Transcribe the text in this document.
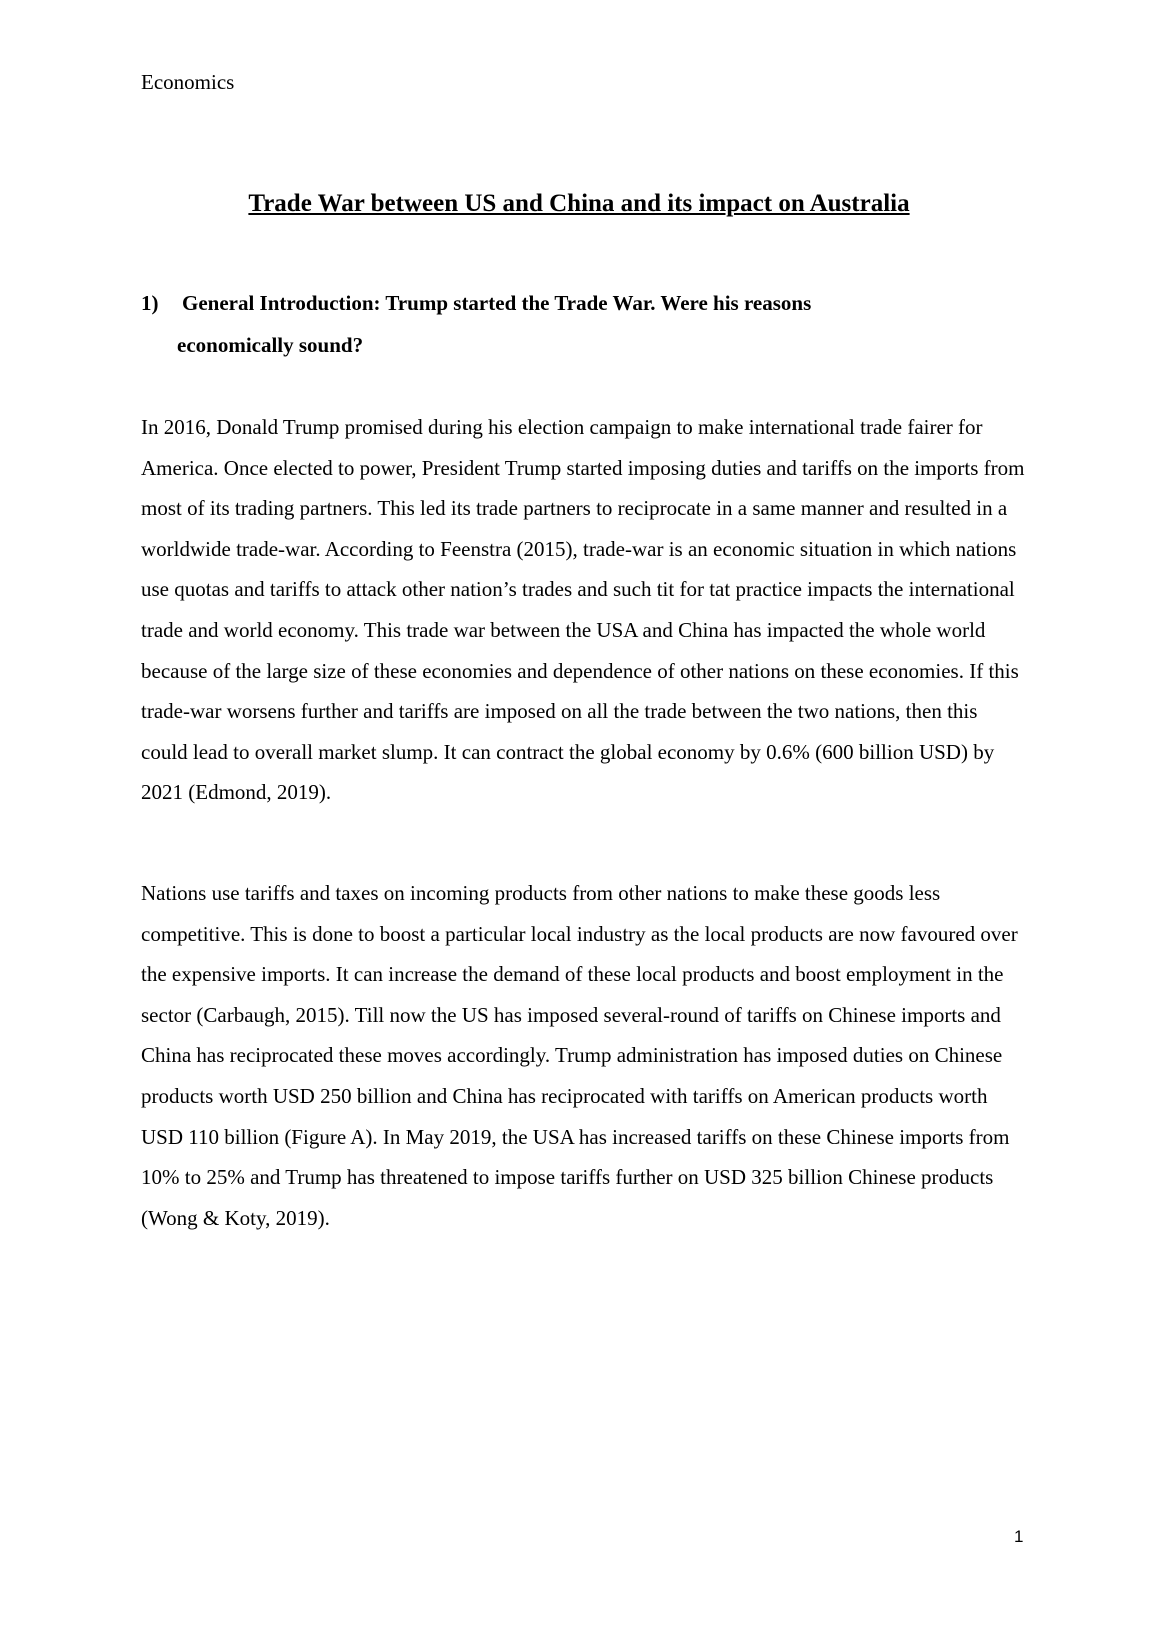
Economics
Trade War between US and China and its impact on Australia
1) General Introduction: Trump started the Trade War. Were his reasons
economically sound?

In 2016, Donald Trump promised during his election campaign to make international trade fairer for America. Once elected to power, President Trump started imposing duties and tariffs on the imports from most of its trading partners. This led its trade partners to reciprocate in a same manner and resulted in a worldwide trade-war. According to Feenstra (2015), trade-war is an economic situation in which nations use quotas and tariffs to attack other nation’s trades and such tit for tat practice impacts the international trade and world economy. This trade war between the USA and China has impacted the whole world because of the large size of these economies and dependence of other nations on these economies. If this trade-war worsens further and tariffs are imposed on all the trade between the two nations, then this could lead to overall market slump. It can contract the global economy by 0.6% (600 billion USD) by 2021 (Edmond, 2019).

Nations use tariffs and taxes on incoming products from other nations to make these goods less competitive. This is done to boost a particular local industry as the local products are now favoured over the expensive imports. It can increase the demand of these local products and boost employment in the sector (Carbaugh, 2015). Till now the US has imposed several-round of tariffs on Chinese imports and China has reciprocated these moves accordingly. Trump administration has imposed duties on Chinese products worth USD 250 billion and China has reciprocated with tariffs on American products worth USD 110 billion (Figure A). In May 2019, the USA has increased tariffs on these Chinese imports from 10% to 25% and Trump has threatened to impose tariffs further on USD 325 billion Chinese products (Wong & Koty, 2019).

1
